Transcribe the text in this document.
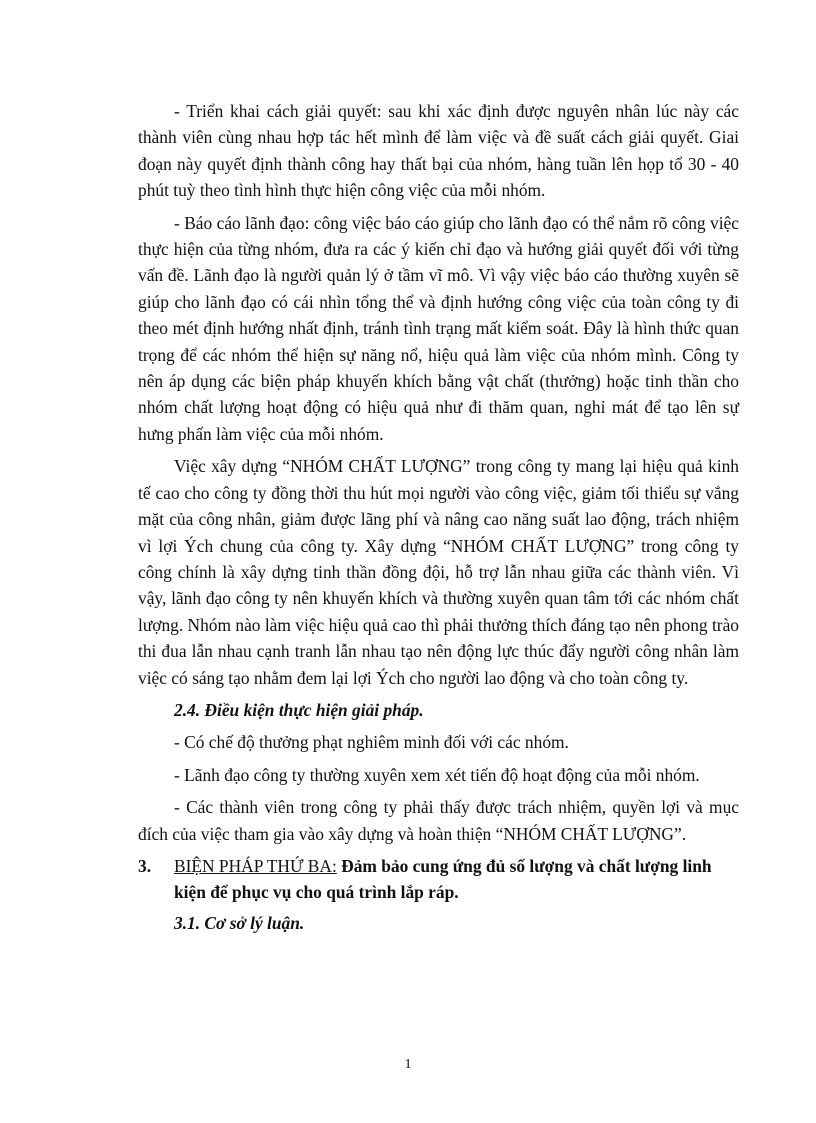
- Triển khai cách giải quyết: sau khi xác định được nguyên nhân lúc này các thành viên cùng nhau hợp tác hết mình để làm việc và đề suất cách giải quyết. Giai đoạn này quyết định thành công hay thất bại của nhóm, hàng tuần lên họp tổ 30 - 40 phút tuỳ theo tình hình thực hiện công việc của mỗi nhóm.

- Báo cáo lãnh đạo: công việc báo cáo giúp cho lãnh đạo có thể nắm rõ công việc thực hiện của từng nhóm, đưa ra các ý kiến chỉ đạo và hướng giải quyết đối với từng vấn đề. Lãnh đạo là người quản lý ở tầm vĩ mô. Vì vậy việc báo cáo thường xuyên sẽ giúp cho lãnh đạo có cái nhìn tổng thể và định hướng công việc của toàn công ty đi theo mét định hướng nhất định, tránh tình trạng mất kiểm soát. Đây là hình thức quan trọng để các nhóm thể hiện sự năng nổ, hiệu quả làm việc của nhóm mình. Công ty nên áp dụng các biện pháp khuyến khích bằng vật chất (thưởng) hoặc tinh thần cho nhóm chất lượng hoạt động có hiệu quả như đi thăm quan, nghỉ mát để tạo lên sự hưng phấn làm việc của mỗi nhóm.

Việc xây dựng “NHÓM CHẤT LƯỢNG” trong công ty mang lại hiệu quả kinh tế cao cho công ty đồng thời thu hút mọi người vào công việc, giảm tối thiểu sự vắng mặt của công nhân, giảm được lãng phí và nâng cao năng suất lao động, trách nhiệm vì lợi Ých chung của công ty. Xây dựng “NHÓM CHẤT LƯỢNG” trong công ty công chính là xây dựng tinh thần đồng đội, hỗ trợ lẫn nhau giữa các thành viên. Vì vậy, lãnh đạo công ty nên khuyến khích và thường xuyên quan tâm tới các nhóm chất lượng. Nhóm nào làm việc hiệu quả cao thì phải thưởng thích đáng tạo nên phong trào thi đua lẫn nhau cạnh tranh lẫn nhau tạo nên động lực thúc đẩy người công nhân làm việc có sáng tạo nhằm đem lại lợi Ých cho người lao động và cho toàn công ty.

2.4. Điều kiện thực hiện giải pháp.

- Có chế độ thưởng phạt nghiêm minh đối với các nhóm.

- Lãnh đạo công ty thường xuyên xem xét tiến độ hoạt động của mỗi nhóm.

- Các thành viên trong công ty phải thấy được trách nhiệm, quyền lợi và mục đích của việc tham gia vào xây dựng và hoàn thiện “NHÓM CHẤT LƯỢNG”.

3.	BIỆN PHÁP THỨ BA: Đảm bảo cung ứng đủ số lượng và chất lượng linh kiện để phục vụ cho quá trình lắp ráp.

3.1. Cơ sở lý luận.

1
